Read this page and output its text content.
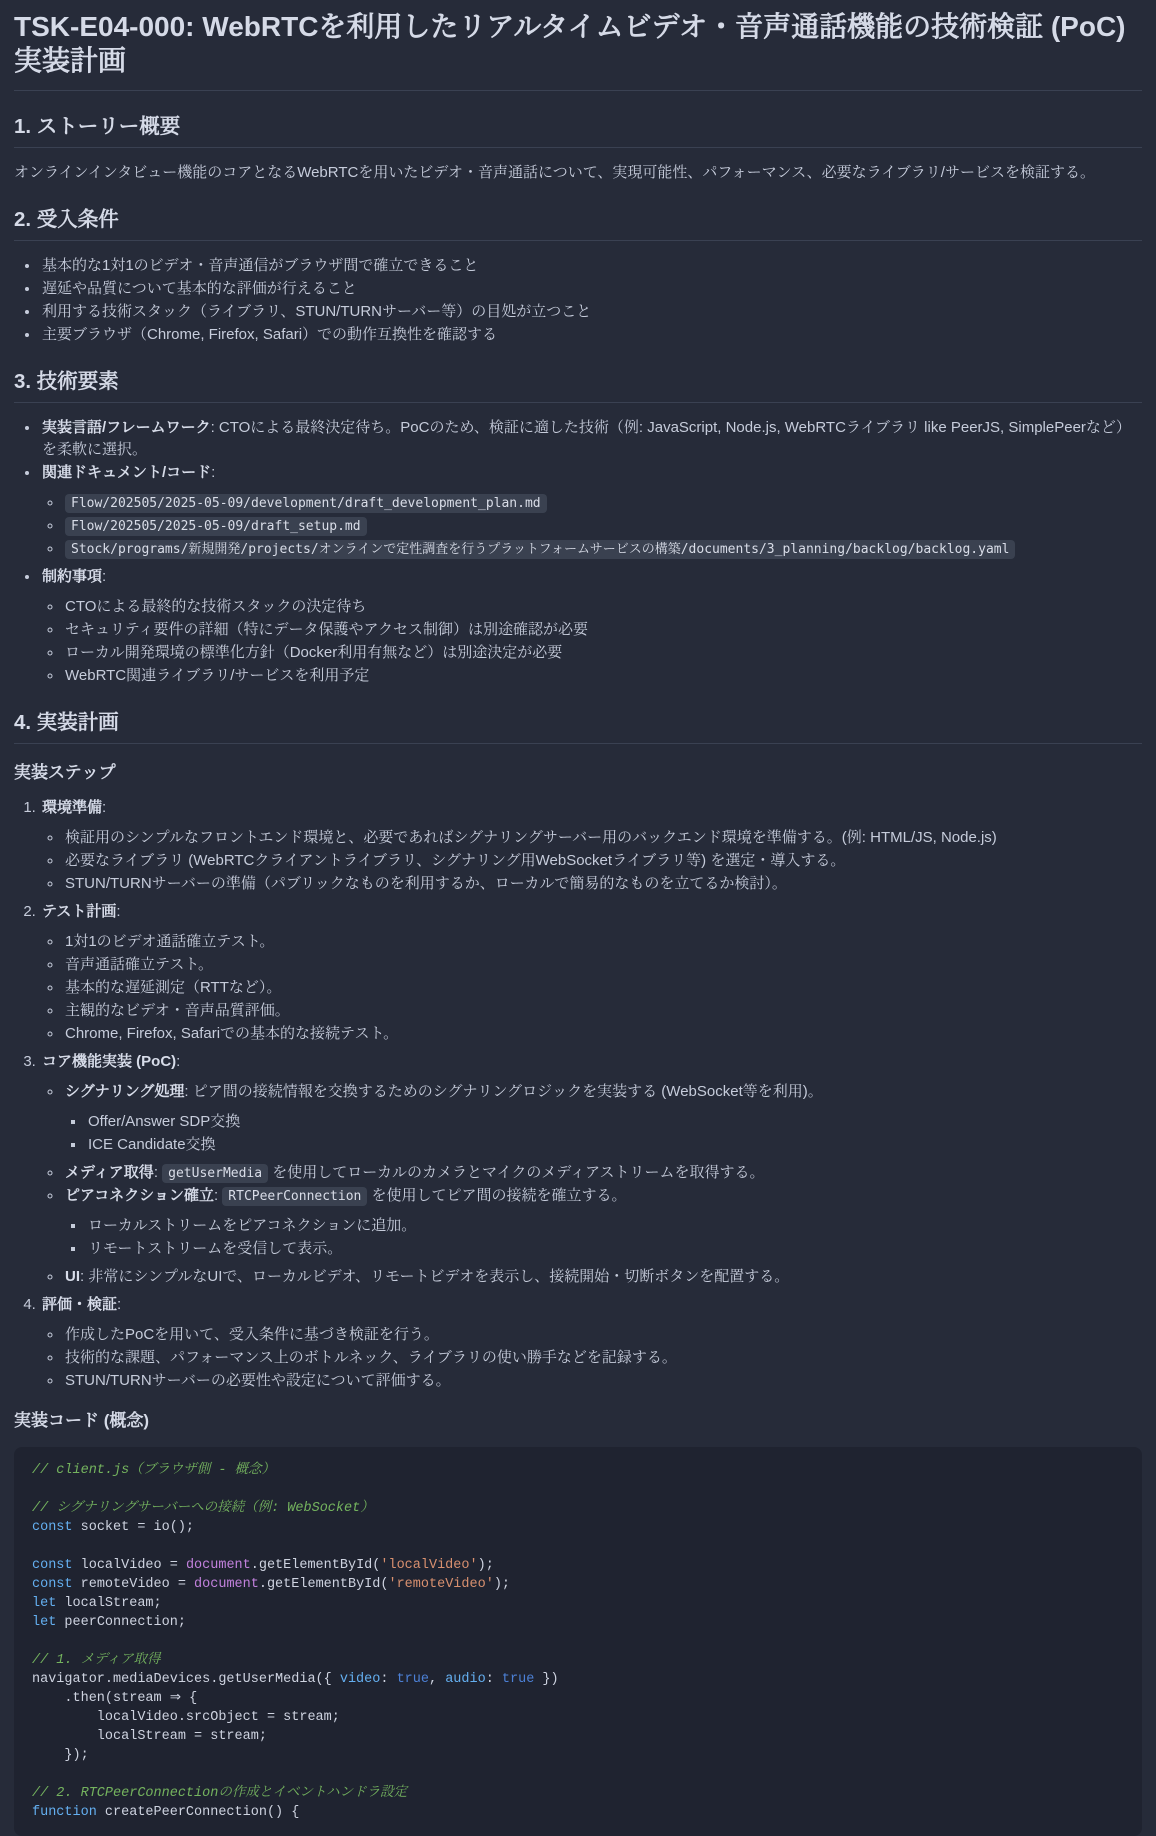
TSK-E04-000: WebRTCを利用したリアルタイムビデオ・音声通話機能の技術検証 (PoC) 実装計画
1. ストーリー概要

オンラインインタビュー機能のコアとなるWebRTCを用いたビデオ・音声通話について、実現可能性、パフォーマンス、必要なライブラリ/サービスを検証する。

2. 受入条件
• 基本的な1対1のビデオ・音声通信がブラウザ間で確立できること
• 遅延や品質について基本的な評価が行えること
• 利用する技術スタック（ライブラリ、STUN/TURNサーバー等）の目処が立つこと
• 主要ブラウザ（Chrome, Firefox, Safari）での動作互換性を確認する
3. 技術要素
• 実装言語/フレームワーク: CTOによる最終決定待ち。PoCのため、検証に適した技術（例: JavaScript, Node.js, WebRTCライブラリ like PeerJS, SimplePeerなど）を柔軟に選択。
• 関連ドキュメント/コード:
◦ Flow/202505/2025-05-09/development/draft_development_plan.md
◦ Flow/202505/2025-05-09/draft_setup.md
◦ Stock/programs/新規開発/projects/オンラインで定性調査を行うプラットフォームサービスの構築/documents/3_planning/backlog/backlog.yaml
• 制約事項:
◦ CTOによる最終的な技術スタックの決定待ち
◦ セキュリティ要件の詳細（特にデータ保護やアクセス制御）は別途確認が必要
◦ ローカル開発環境の標準化方針（Docker利用有無など）は別途決定が必要
◦ WebRTC関連ライブラリ/サービスを利用予定
4. 実装計画
実装ステップ
1. 環境準備:
◦ 検証用のシンプルなフロントエンド環境と、必要であればシグナリングサーバー用のバックエンド環境を準備する。(例: HTML/JS, Node.js)
◦ 必要なライブラリ (WebRTCクライアントライブラリ、シグナリング用WebSocketライブラリ等) を選定・導入する。
◦ STUN/TURNサーバーの準備（パブリックなものを利用するか、ローカルで簡易的なものを立てるか検討）。
2. テスト計画:
◦ 1対1のビデオ通話確立テスト。
◦ 音声通話確立テスト。
◦ 基本的な遅延測定（RTTなど）。
◦ 主観的なビデオ・音声品質評価。
◦ Chrome, Firefox, Safariでの基本的な接続テスト。
3. コア機能実装 (PoC):
◦ シグナリング処理: ピア間の接続情報を交換するためのシグナリングロジックを実装する (WebSocket等を利用)。
▪ Offer/Answer SDP交換
▪ ICE Candidate交換
◦ メディア取得: getUserMedia を使用してローカルのカメラとマイクのメディアストリームを取得する。
◦ ピアコネクション確立: RTCPeerConnection を使用してピア間の接続を確立する。
▪ ローカルストリームをピアコネクションに追加。
▪ リモートストリームを受信して表示。
◦ UI: 非常にシンプルなUIで、ローカルビデオ、リモートビデオを表示し、接続開始・切断ボタンを配置する。
4. 評価・検証:
◦ 作成したPoCを用いて、受入条件に基づき検証を行う。
◦ 技術的な課題、パフォーマンス上のボトルネック、ライブラリの使い勝手などを記録する。
◦ STUN/TURNサーバーの必要性や設定について評価する。
実装コード (概念)
// client.js（ブラウザ側 - 概念）

// シグナリングサーバーへの接続（例: WebSocket）
const socket = io();

const localVideo = document.getElementById('localVideo');
const remoteVideo = document.getElementById('remoteVideo');
let localStream;
let peerConnection;

// 1. メディア取得
navigator.mediaDevices.getUserMedia({ video: true, audio: true })
.then(stream ⇒ {
localVideo.srcObject = stream;
localStream = stream;
});

// 2. RTCPeerConnectionの作成とイベントハンドラ設定
function createPeerConnection() {
